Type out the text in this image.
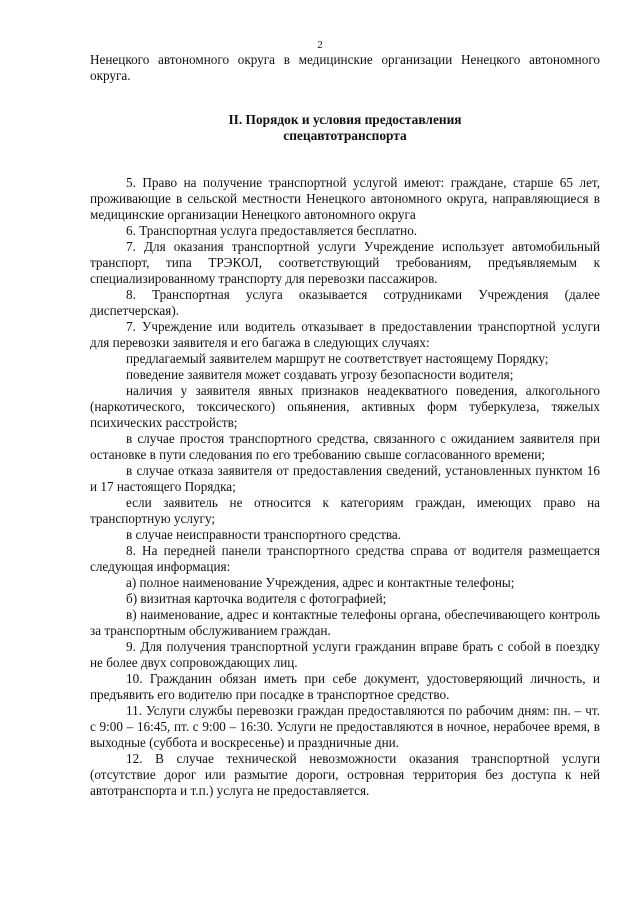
2

Ненецкого автономного округа в медицинские организации Ненецкого автономного округа.

II. Порядок и условия предоставления
спецавтотранспорта

5. Право на получение транспортной услугой имеют: граждане, старше 65 лет, проживающие в сельской местности Ненецкого автономного округа, направляющиеся в медицинские организации Ненецкого автономного округа

6. Транспортная услуга предоставляется бесплатно.

7. Для оказания транспортной услуги Учреждение использует автомобильный транспорт, типа ТРЭКОЛ, соответствующий требованиям, предъявляемым к специализированному транспорту для перевозки пассажиров.

8. Транспортная услуга оказывается сотрудниками Учреждения (далее диспетчерская).

7. Учреждение или водитель отказывает в предоставлении транспортной услуги для перевозки заявителя и его багажа в следующих случаях:

предлагаемый заявителем маршрут не соответствует настоящему Порядку;

поведение заявителя может создавать угрозу безопасности водителя;

наличия у заявителя явных признаков неадекватного поведения, алкогольного (наркотического, токсического) опьянения, активных форм туберкулеза, тяжелых психических расстройств;

в случае простоя транспортного средства, связанного с ожиданием заявителя при остановке в пути следования по его требованию свыше согласованного времени;

в случае отказа заявителя от предоставления сведений, установленных пунктом 16 и 17 настоящего Порядка;

если заявитель не относится к категориям граждан, имеющих право на транспортную услугу;

в случае неисправности транспортного средства.

8. На передней панели транспортного средства справа от водителя размещается следующая информация:

а) полное наименование Учреждения, адрес и контактные телефоны;

б) визитная карточка водителя с фотографией;

в) наименование, адрес и контактные телефоны органа, обеспечивающего контроль за транспортным обслуживанием граждан.

9. Для получения транспортной услуги гражданин вправе брать с собой в поездку не более двух сопровождающих лиц.

10. Гражданин обязан иметь при себе документ, удостоверяющий личность, и предъявить его водителю при посадке в транспортное средство.

11. Услуги службы перевозки граждан предоставляются по рабочим дням: пн. – чт. с 9:00 – 16:45, пт. с 9:00 – 16:30. Услуги не предоставляются в ночное, нерабочее время, в выходные (суббота и воскресенье) и праздничные дни.

12. В случае технической невозможности оказания транспортной услуги (отсутствие дорог или размытие дороги, островная территория без доступа к ней автотранспорта и т.п.) услуга не предоставляется.
